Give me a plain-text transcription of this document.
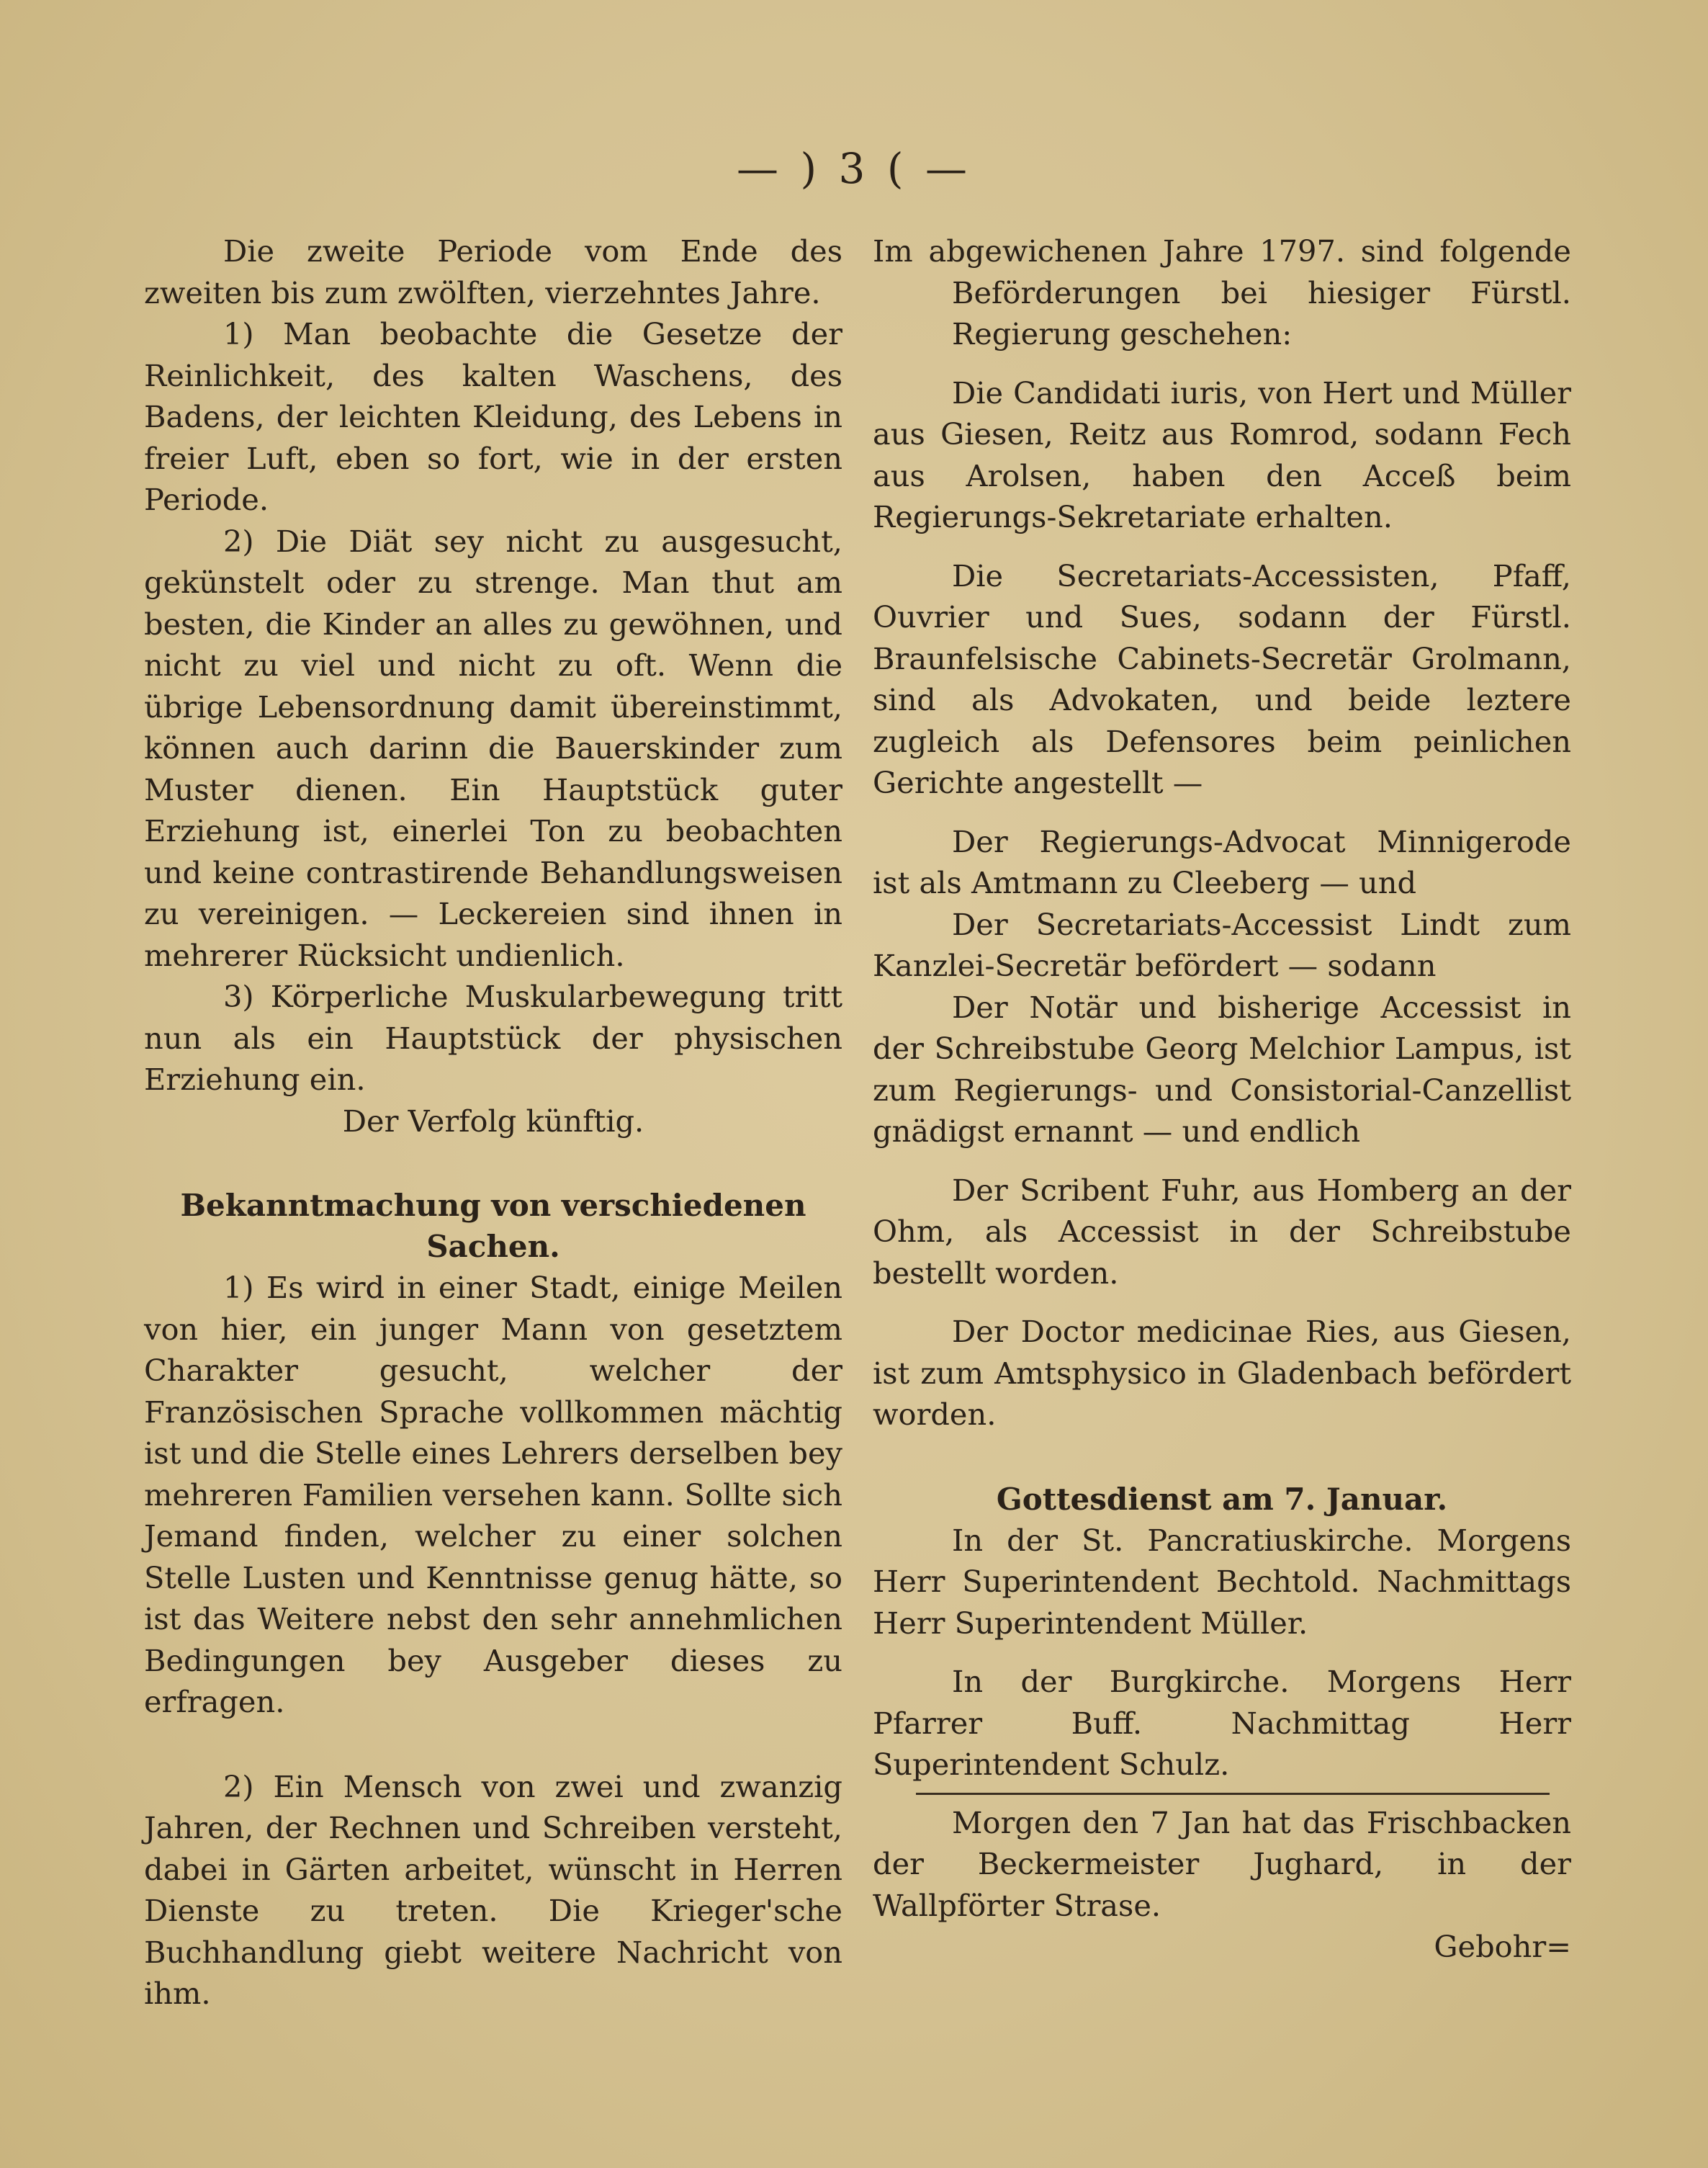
— ) 3 ( —

Die zweite Periode vom Ende des zweiten bis zum zwölften, vierzehntes Jahre.

1) Man beobachte die Gesetze der Reinlichkeit, des kalten Waschens, des Badens, der leichten Kleidung, des Lebens in freier Luft, eben so fort, wie in der ersten Periode.

2) Die Diät sey nicht zu ausgesucht, gekünstelt oder zu strenge. Man thut am besten, die Kinder an alles zu gewöhnen, und nicht zu viel und nicht zu oft. Wenn die übrige Lebensordnung damit übereinstimmt, können auch darinn die Bauerskinder zum Muster dienen. Ein Hauptstück guter Erziehung ist, einerlei Ton zu beobachten und keine contrastirende Behandlungsweisen zu vereinigen. — Leckereien sind ihnen in mehrerer Rücksicht undienlich.

3) Körperliche Muskularbewegung tritt nun als ein Hauptstück der physischen Erziehung ein.

Der Verfolg künftig.

Bekanntmachung von verschiedenen Sachen.

1) Es wird in einer Stadt, einige Meilen von hier, ein junger Mann von gesetztem Charakter gesucht, welcher der Französischen Sprache vollkommen mächtig ist und die Stelle eines Lehrers derselben bey mehreren Familien versehen kann. Sollte sich Jemand finden, welcher zu einer solchen Stelle Lusten und Kenntnisse genug hätte, so ist das Weitere nebst den sehr annehmlichen Bedingungen bey Ausgeber dieses zu erfragen.

2) Ein Mensch von zwei und zwanzig Jahren, der Rechnen und Schreiben versteht, dabei in Gärten arbeitet, wünscht in Herren Dienste zu treten. Die Krieger'sche Buchhandlung giebt weitere Nachricht von ihm.

Im abgewichenen Jahre 1797. sind folgende Beförderungen bei hiesiger Fürstl. Regierung geschehen:

Die Candidati iuris, von Hert und Müller aus Giesen, Reitz aus Romrod, sodann Fech aus Arolsen, haben den Acceß beim Regierungs-Sekretariate erhalten.

Die Secretariats-Accessisten, Pfaff, Ouvrier und Sues, sodann der Fürstl. Braunfelsische Cabinets-Secretär Grolmann, sind als Advokaten, und beide leztere zugleich als Defensores beim peinlichen Gerichte angestellt —

Der Regierungs-Advocat Minnigerode ist als Amtmann zu Cleeberg — und

Der Secretariats-Accessist Lindt zum Kanzlei-Secretär befördert — sodann

Der Notär und bisherige Accessist in der Schreibstube Georg Melchior Lampus, ist zum Regierungs- und Consistorial-Canzellist gnädigst ernannt — und endlich

Der Scribent Fuhr, aus Homberg an der Ohm, als Accessist in der Schreibstube bestellt worden.

Der Doctor medicinae Ries, aus Giesen, ist zum Amtsphysico in Gladenbach befördert worden.

Gottesdienst am 7. Januar.

In der St. Pancratiuskirche. Morgens Herr Superintendent Bechtold. Nachmittags Herr Superintendent Müller.

In der Burgkirche. Morgens Herr Pfarrer Buff. Nachmittag Herr Superintendent Schulz.

Morgen den 7 Jan hat das Frischbacken der Beckermeister Jughard, in der Wallpförter Strase.

Gebohr=
